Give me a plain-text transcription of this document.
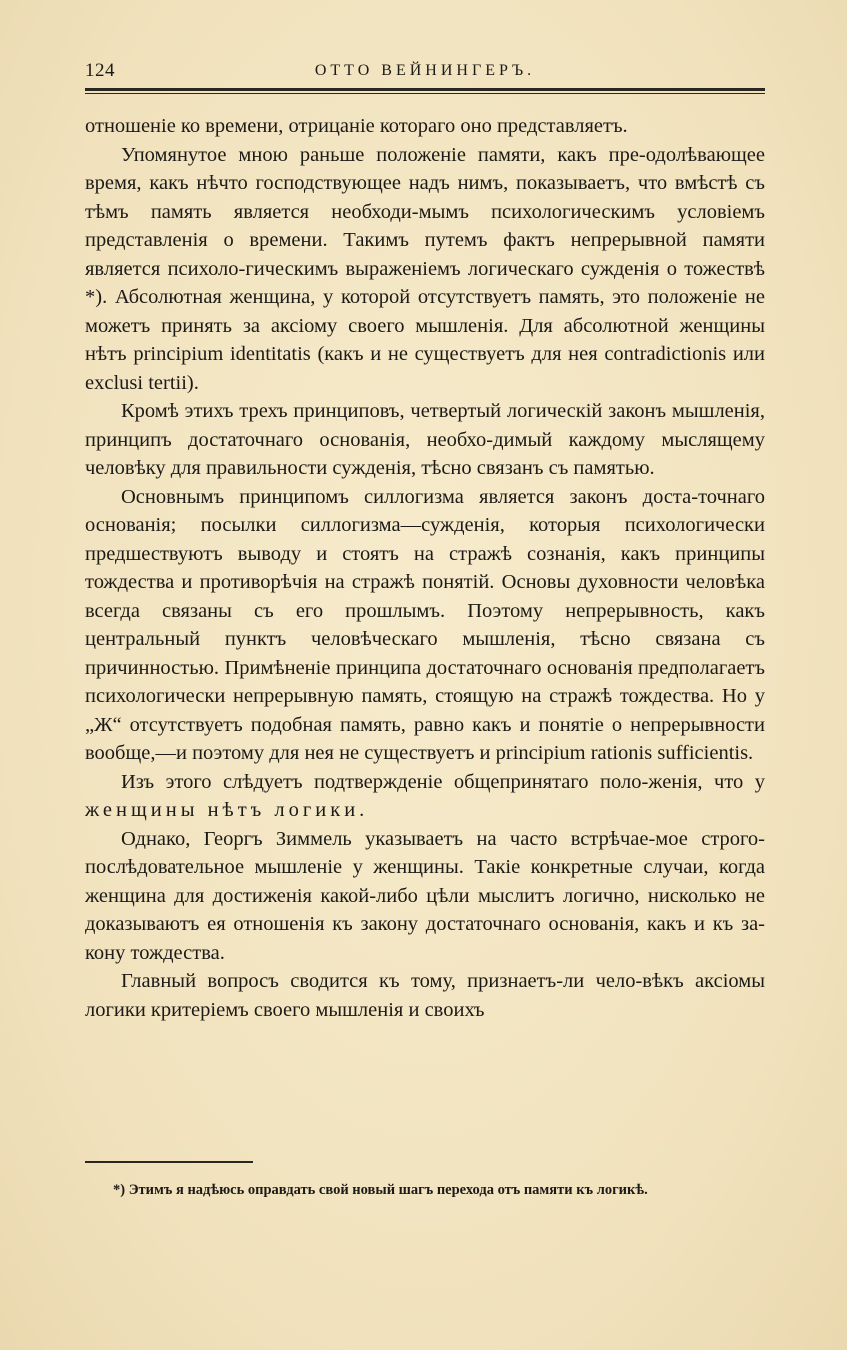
124	ОТТО ВЕЙНИНГЕРЪ.

отношеніе ко времени, отрицаніе котораго оно представляетъ.

Упомянутое мною раньше положеніе памяти, какъ пре-одолѣвающее время, какъ нѣчто господствующее надъ нимъ, показываетъ, что вмѣстѣ съ тѣмъ память является необходи-мымъ психологическимъ условіемъ представленія о времени. Такимъ путемъ фактъ непрерывной памяти является психоло-гическимъ выраженіемъ логическаго сужденія о тожествѣ *). Абсолютная женщина, у которой отсутствуетъ память, это положеніе не можетъ принять за аксіому своего мышленія. Для абсолютной женщины нѣтъ principium identitatis (какъ и не существуетъ для нея contradictionis или exclusi tertii).

Кромѣ этихъ трехъ принциповъ, четвертый логическій законъ мышленія, принципъ достаточнаго основанія, необхо-димый каждому мыслящему человѣку для правильности сужденія, тѣсно связанъ съ памятью.

Основнымъ принципомъ силлогизма является законъ доста-точнаго основанія; посылки силлогизма—сужденія, которыя психологически предшествуютъ выводу и стоятъ на стражѣ сознанія, какъ принципы тождества и противорѣчія на стражѣ понятій. Основы духовности человѣка всегда связаны съ его прошлымъ. Поэтому непрерывность, какъ центральный пунктъ человѣческаго мышленія, тѣсно связана съ причинностью. Примѣненіе принципа достаточнаго основанія предполагаетъ психологически непрерывную память, стоящую на стражѣ тождества. Но у „Ж“ отсутствуетъ подобная память, равно какъ и понятіе о непрерывности вообще,—и поэтому для нея не существуетъ и principium rationis sufficientis.

Изъ этого слѣдуетъ подтвержденіе общепринятаго поло-женія, что у женщины нѣтъ логики.

Однако, Георгъ Зиммель указываетъ на часто встрѣчае-мое строго-послѣдовательное мышленіе у женщины. Такіе конкретные случаи, когда женщина для достиженія какой-либо цѣли мыслитъ логично, нисколько не доказываютъ ея отношенія къ закону достаточнаго основанія, какъ и къ за-кону тождества.

Главный вопросъ сводится къ тому, признаетъ-ли чело-вѣкъ аксіомы логики критеріемъ своего мышленія и своихъ

*) Этимъ я надѣюсь оправдать свой новый шагъ перехода отъ памяти къ логикѣ.
